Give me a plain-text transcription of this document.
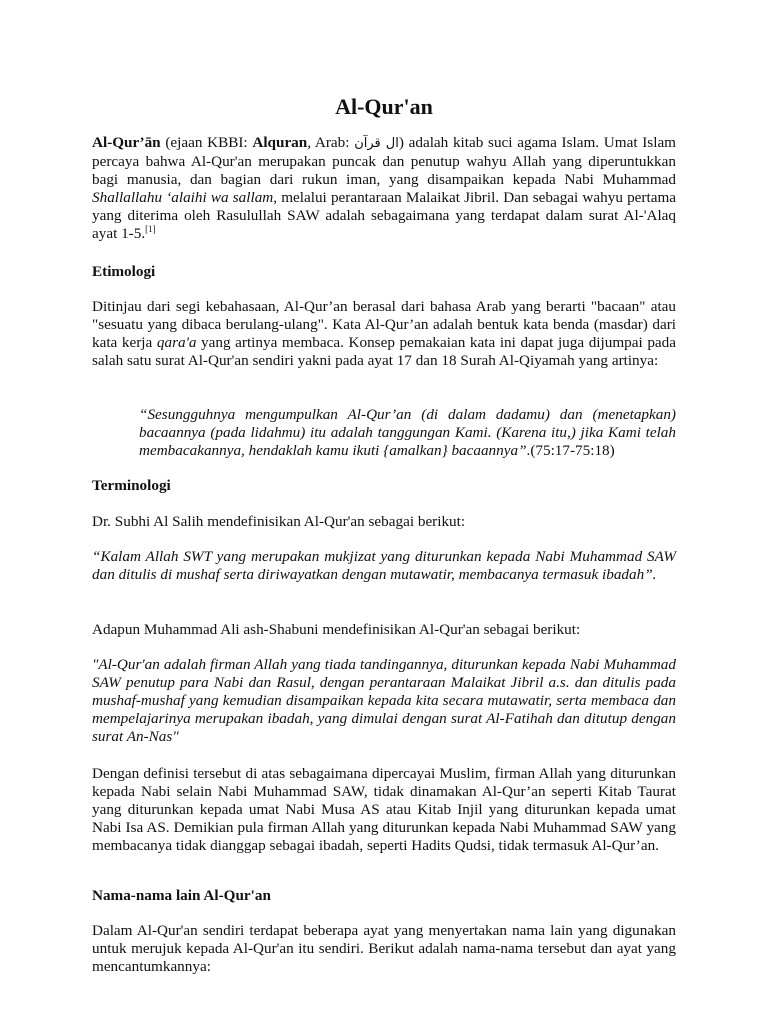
Al-Qur'an

Al-Qur’ān (ejaan KBBI: Alquran, Arab: ال قرآن) adalah kitab suci agama Islam. Umat Islam percaya bahwa Al-Qur'an merupakan puncak dan penutup wahyu Allah yang diperuntukkan bagi manusia, dan bagian dari rukun iman, yang disampaikan kepada Nabi Muhammad Shallallahu ‘alaihi wa sallam, melalui perantaraan Malaikat Jibril. Dan sebagai wahyu pertama yang diterima oleh Rasulullah SAW adalah sebagaimana yang terdapat dalam surat Al-'Alaq ayat 1-5.[1]

Etimologi

Ditinjau dari segi kebahasaan, Al-Qur’an berasal dari bahasa Arab yang berarti "bacaan" atau "sesuatu yang dibaca berulang-ulang". Kata Al-Qur’an adalah bentuk kata benda (masdar) dari kata kerja qara'a yang artinya membaca. Konsep pemakaian kata ini dapat juga dijumpai pada salah satu surat Al-Qur'an sendiri yakni pada ayat 17 dan 18 Surah Al-Qiyamah yang artinya:

“Sesungguhnya mengumpulkan Al-Qur’an (di dalam dadamu) dan (menetapkan) bacaannya (pada lidahmu) itu adalah tanggungan Kami. (Karena itu,) jika Kami telah membacakannya, hendaklah kamu ikuti {amalkan} bacaannya”.(75:17-75:18)

Terminologi

Dr. Subhi Al Salih mendefinisikan Al-Qur'an sebagai berikut:

“Kalam Allah SWT yang merupakan mukjizat yang diturunkan kepada Nabi Muhammad SAW dan ditulis di mushaf serta diriwayatkan dengan mutawatir, membacanya termasuk ibadah”.

Adapun Muhammad Ali ash-Shabuni mendefinisikan Al-Qur'an sebagai berikut:

"Al-Qur'an adalah firman Allah yang tiada tandingannya, diturunkan kepada Nabi Muhammad SAW penutup para Nabi dan Rasul, dengan perantaraan Malaikat Jibril a.s. dan ditulis pada mushaf-mushaf yang kemudian disampaikan kepada kita secara mutawatir, serta membaca dan mempelajarinya merupakan ibadah, yang dimulai dengan surat Al-Fatihah dan ditutup dengan surat An-Nas"

Dengan definisi tersebut di atas sebagaimana dipercayai Muslim, firman Allah yang diturunkan kepada Nabi selain Nabi Muhammad SAW, tidak dinamakan Al-Qur’an seperti Kitab Taurat yang diturunkan kepada umat Nabi Musa AS atau Kitab Injil yang diturunkan kepada umat Nabi Isa AS. Demikian pula firman Allah yang diturunkan kepada Nabi Muhammad SAW yang membacanya tidak dianggap sebagai ibadah, seperti Hadits Qudsi, tidak termasuk Al-Qur’an.

Nama-nama lain Al-Qur'an

Dalam Al-Qur'an sendiri terdapat beberapa ayat yang menyertakan nama lain yang digunakan untuk merujuk kepada Al-Qur'an itu sendiri. Berikut adalah nama-nama tersebut dan ayat yang mencantumkannya:
